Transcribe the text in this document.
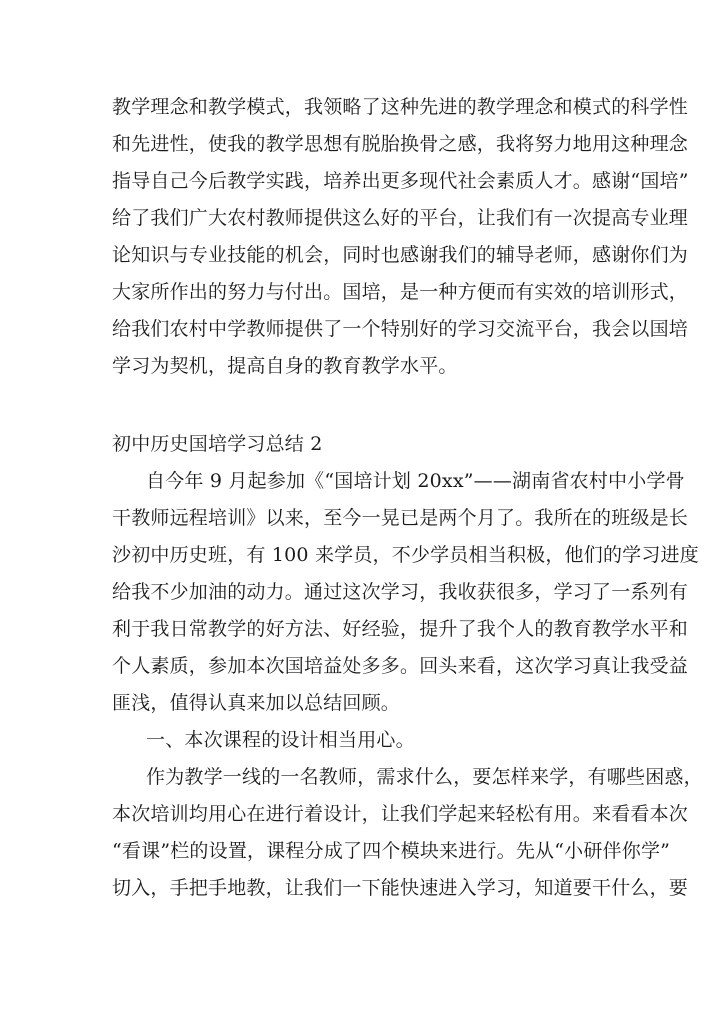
教学理念和教学模式，我领略了这种先进的教学理念和模式的科学性
和先进性，使我的教学思想有脱胎换骨之感，我将努力地用这种理念
指导自己今后教学实践，培养出更多现代社会素质人才。感谢“国培”
给了我们广大农村教师提供这么好的平台，让我们有一次提高专业理
论知识与专业技能的机会，同时也感谢我们的辅导老师，感谢你们为
大家所作出的努力与付出。国培，是一种方便而有实效的培训形式，
给我们农村中学教师提供了一个特别好的学习交流平台，我会以国培
学习为契机，提高自身的教育教学水平。
初中历史国培学习总结 2
自今年 9 月起参加《“国培计划 20xx”——湖南省农村中小学骨
干教师远程培训》以来，至今一晃已是两个月了。我所在的班级是长
沙初中历史班，有 100 来学员，不少学员相当积极，他们的学习进度
给我不少加油的动力。通过这次学习，我收获很多，学习了一系列有
利于我日常教学的好方法、好经验，提升了我个人的教育教学水平和
个人素质，参加本次国培益处多多。回头来看，这次学习真让我受益
匪浅，值得认真来加以总结回顾。
一、本次课程的设计相当用心。
作为教学一线的一名教师，需求什么，要怎样来学，有哪些困惑，
本次培训均用心在进行着设计，让我们学起来轻松有用。来看看本次
“看课”栏的设置，课程分成了四个模块来进行。先从“小研伴你学”
切入，手把手地教，让我们一下能快速进入学习，知道要干什么，要
